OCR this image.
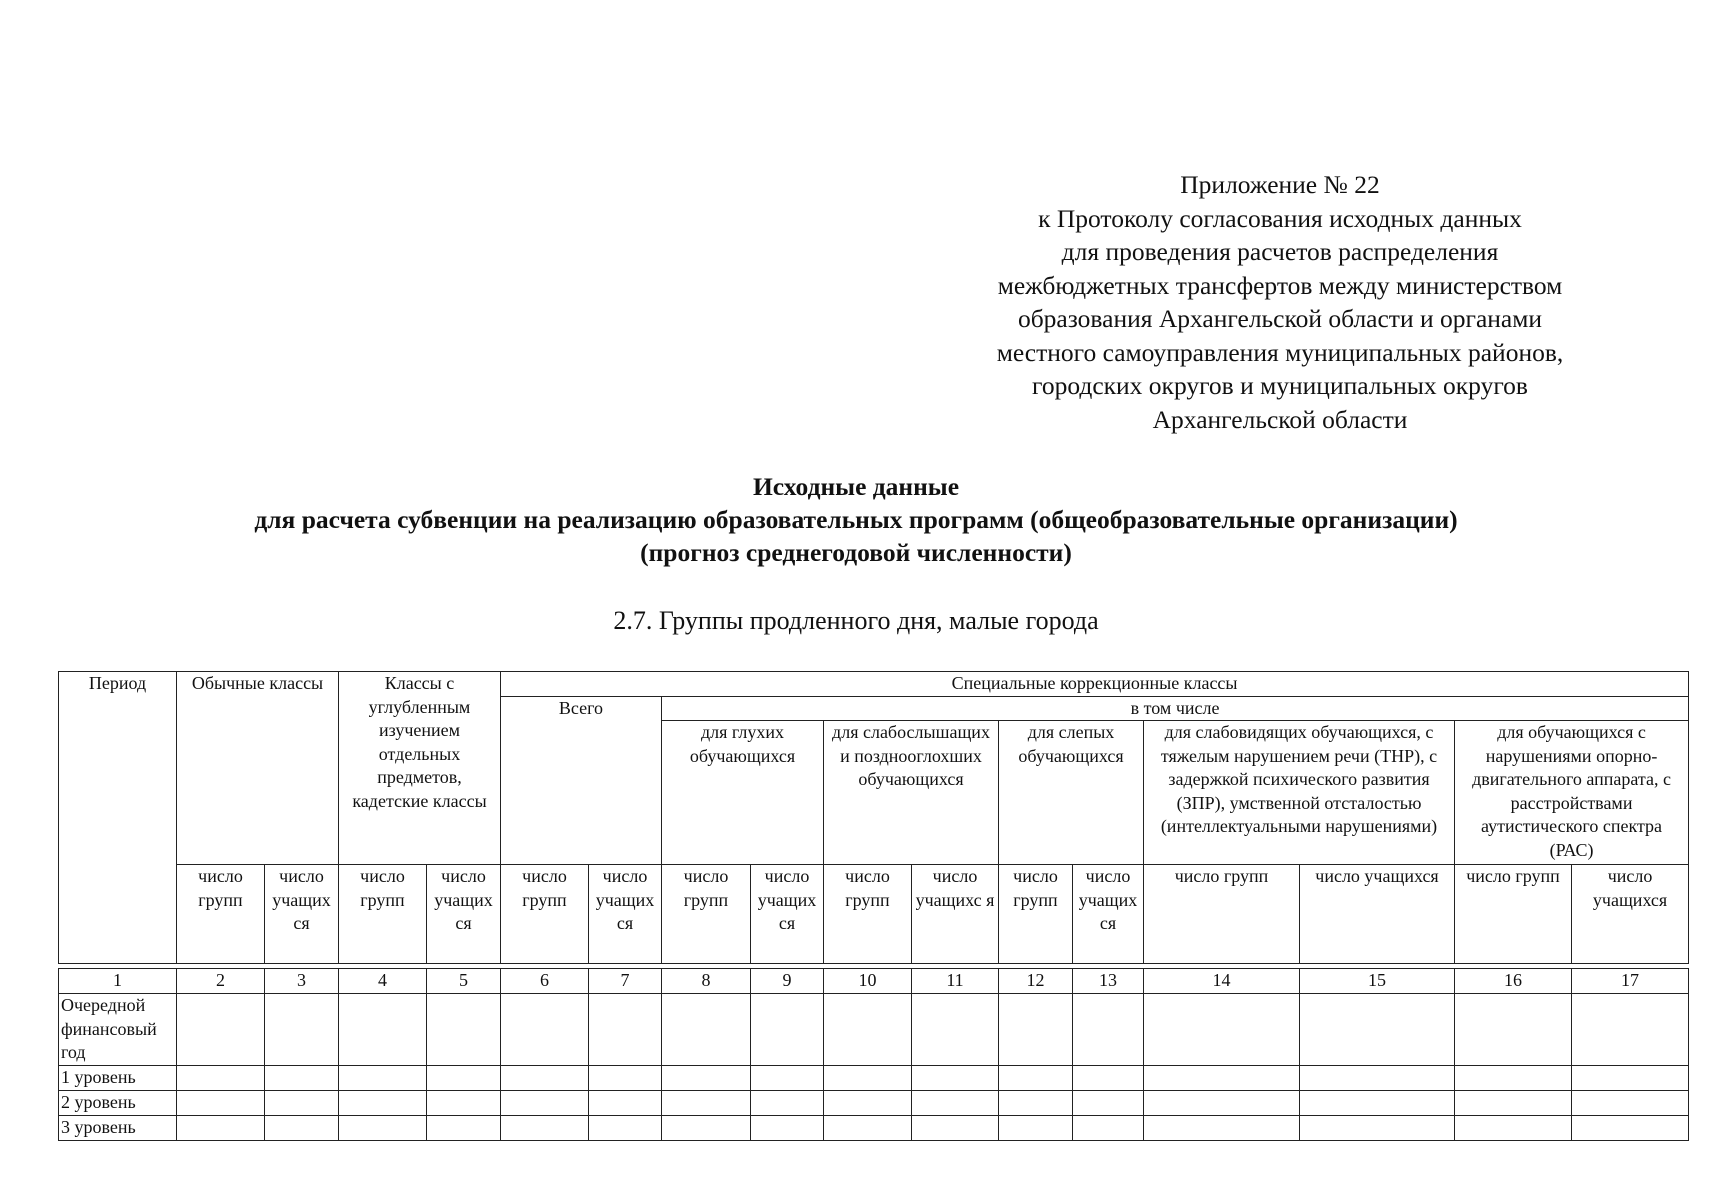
Приложение № 22
к Протоколу согласования исходных данных
для проведения расчетов распределения
межбюджетных трансфертов между министерством
образования Архангельской области и органами
местного самоуправления муниципальных районов,
городских округов и муниципальных округов
Архангельской области
Исходные данные
для расчета субвенции на реализацию образовательных программ (общеобразовательные организации)
(прогноз среднегодовой численности)
2.7. Группы продленного дня, малые города
Период	Обычные классы		Классы с углубленным изучением отдельных предметов, кадетские классы		Специальные коррекционные классы											
					Всего		в том числе									
							для глухих обучающихся		для слабослышащих и позднооглохших обучающихся		для слепых обучающихся		для слабовидящих обучающихся, с тяжелым нарушением речи (ТНР), с задержкой психического развития (ЗПР), умственной отсталостью (интеллектуальными нарушениями)		для обучающихся с нарушениями опорно-двигательного аппарата, с расстройствами аутистического спектра (РАС)	
	число групп	число учащих ся	число групп	число учащих ся	число групп	число учащих ся	число групп	число учащих ся	число групп	число учащихс я	число групп	число учащих ся	число групп	число учащихся	число групп	число учащихся

1	2	3	4	5	6	7	8	9	10	11	12	13	14	15	16	17
Очередной финансовый год																
1 уровень																
2 уровень																
3 уровень																
